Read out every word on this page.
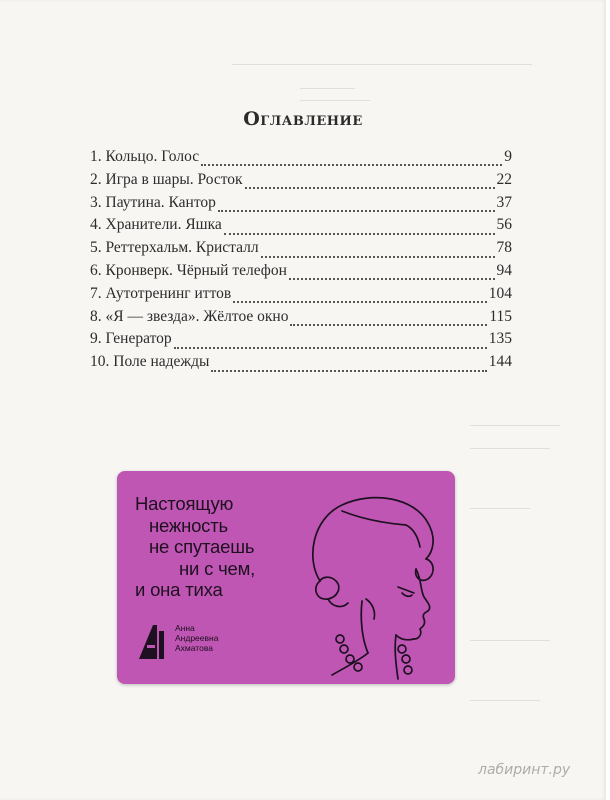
Оглавление
1. Кольцо. Голос	9
2. Игра в шары. Росток	22
3. Паутина. Кантор	37
4. Хранители. Яшка	56
5. Реттерхальм. Кристалл	78
6. Кронверк. Чёрный телефон	94
7. Аутотренинг иттов	104
8. «Я — звезда». Жёлтое окно	115
9. Генератор	135
10. Поле надежды	144
Настоящую
нежность
не спутаешь
ни с чем,
и она тиха
Анна
Андреевна
Ахматова
лабиринт.ру
